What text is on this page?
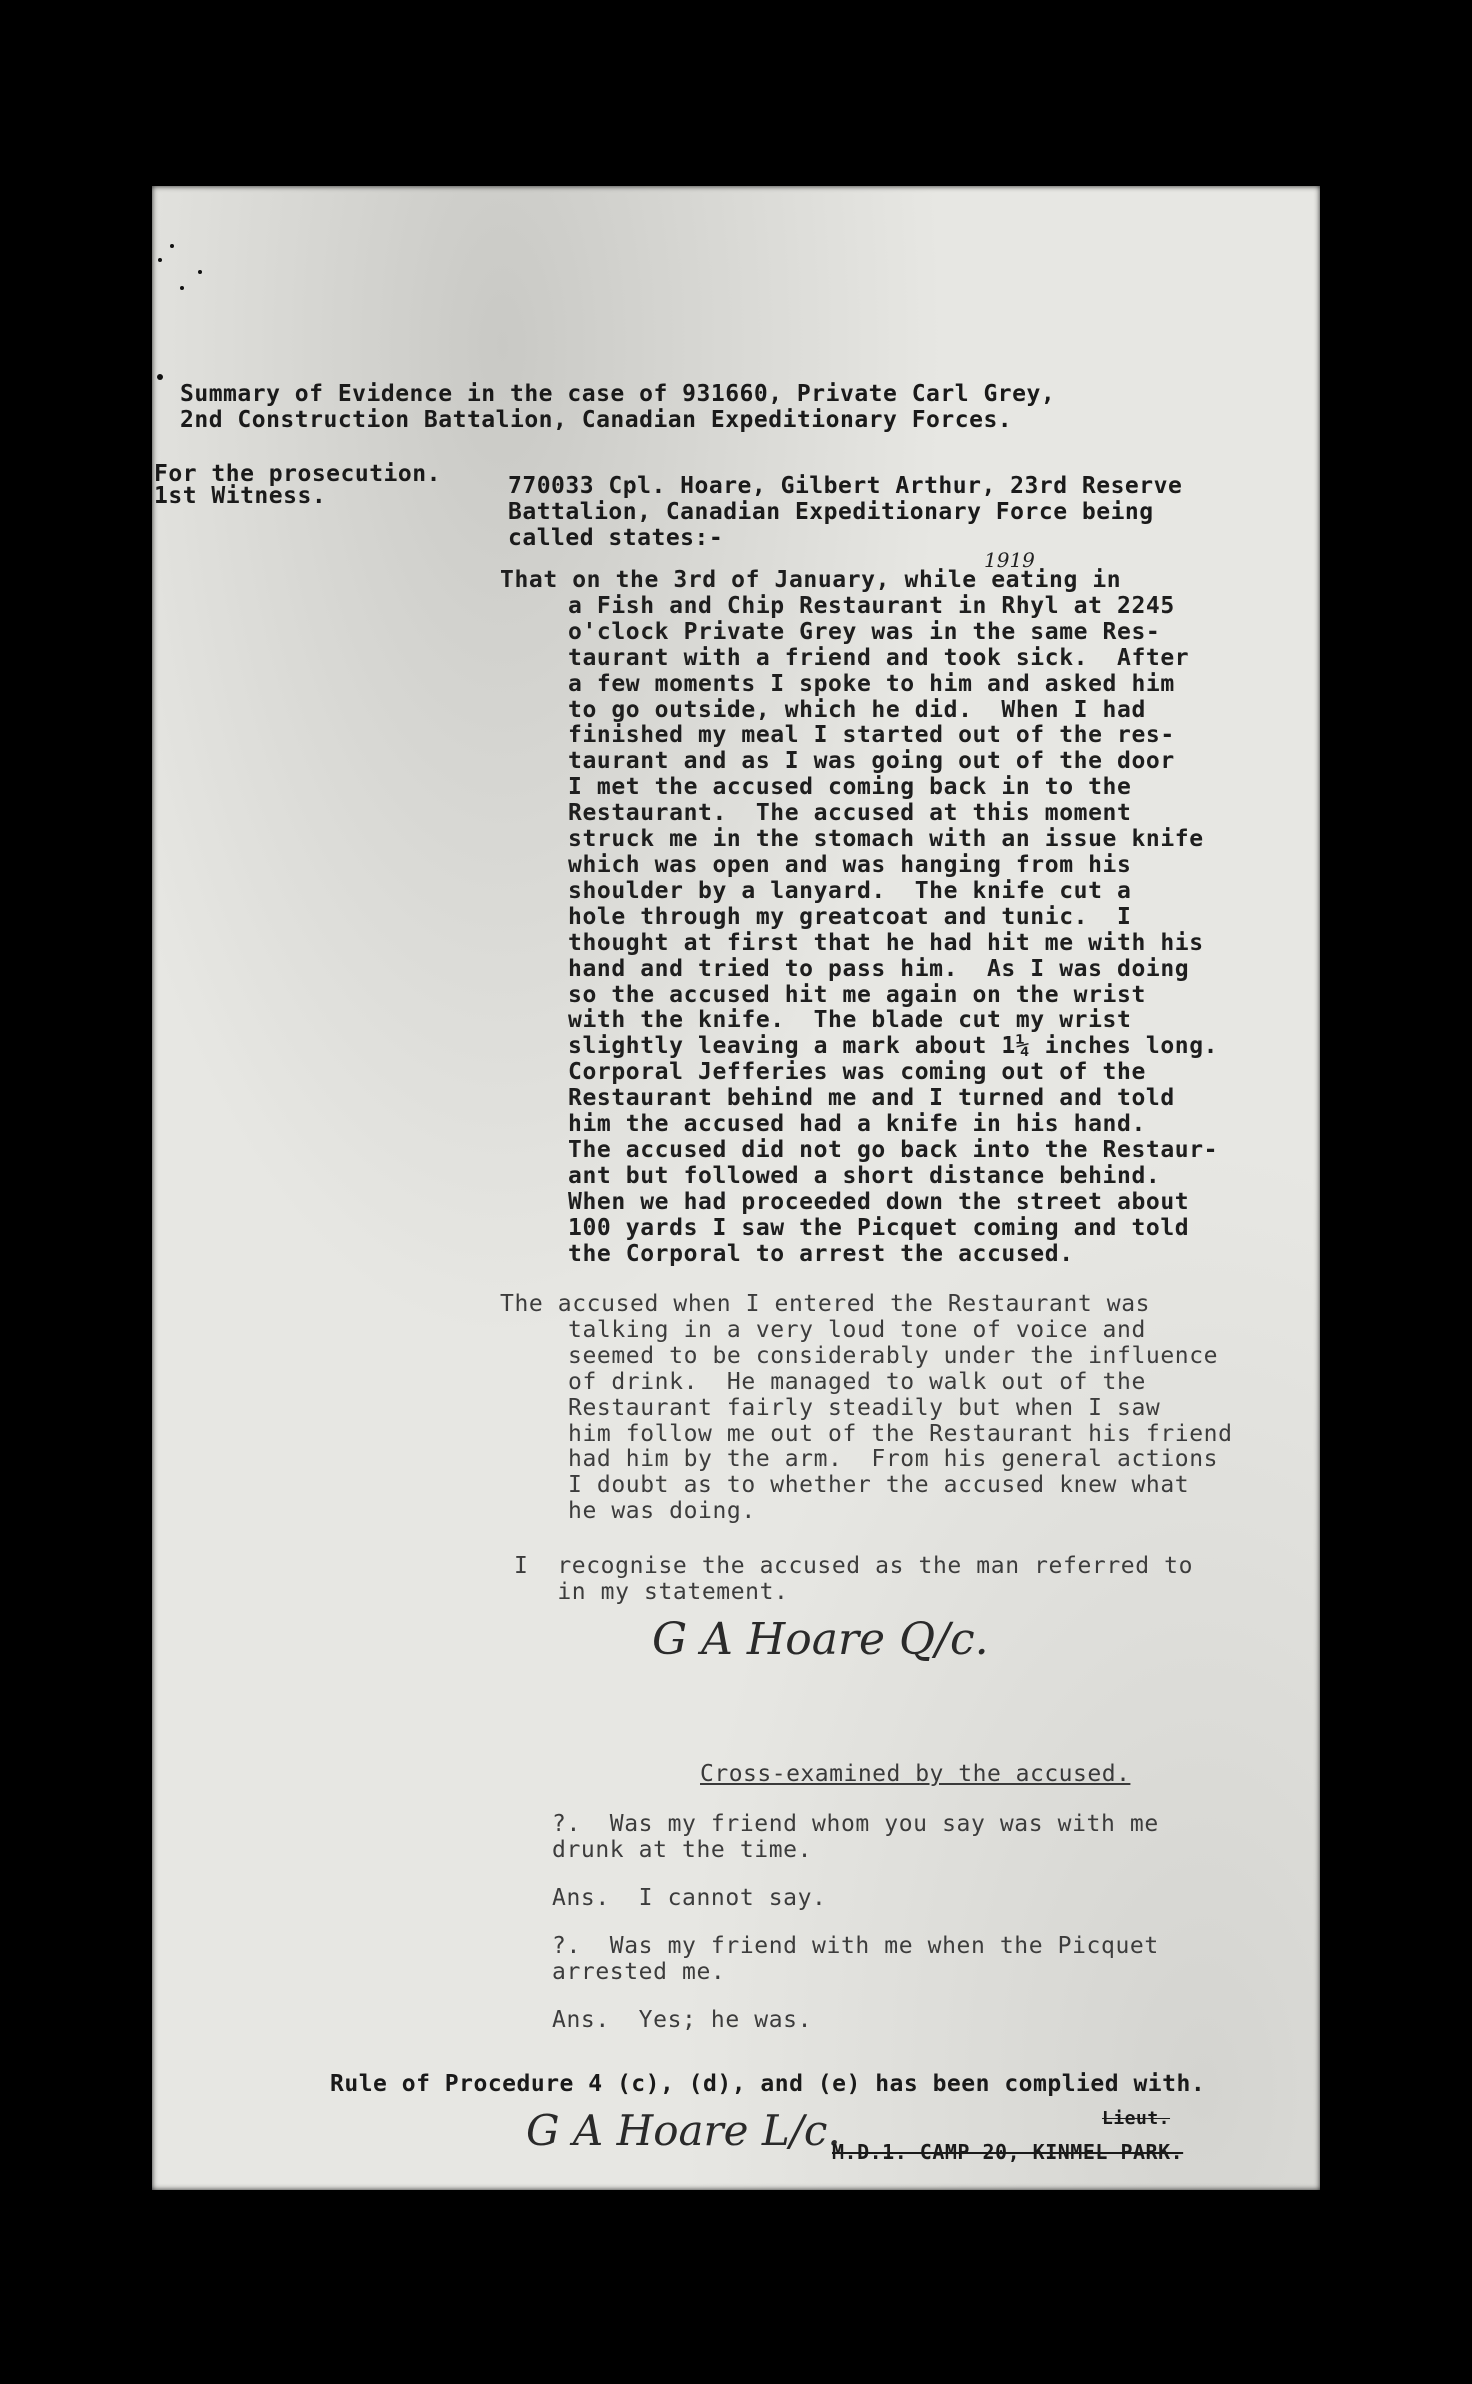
Summary of Evidence in the case of 931660, Private Carl Grey,
2nd Construction Battalion, Canadian Expeditionary Forces.
For the prosecution.
1st Witness.	770033 Cpl. Hoare, Gilbert Arthur, 23rd Reserve
Battalion, Canadian Expeditionary Force being
called states:-
1919
That on the 3rd of January, while eating in
a Fish and Chip Restaurant in Rhyl at 2245
o'clock Private Grey was in the same Res-
taurant with a friend and took sick.  After
a few moments I spoke to him and asked him
to go outside, which he did.  When I had
finished my meal I started out of the res-
taurant and as I was going out of the door
I met the accused coming back in to the
Restaurant.  The accused at this moment
struck me in the stomach with an issue knife
which was open and was hanging from his
shoulder by a lanyard.  The knife cut a
hole through my greatcoat and tunic.  I
thought at first that he had hit me with his
hand and tried to pass him.  As I was doing
so the accused hit me again on the wrist
with the knife.  The blade cut my wrist
slightly leaving a mark about 1¼ inches long.
Corporal Jefferies was coming out of the
Restaurant behind me and I turned and told
him the accused had a knife in his hand.
The accused did not go back into the Restaur-
ant but followed a short distance behind.
When we had proceeded down the street about
100 yards I saw the Picquet coming and told
the Corporal to arrest the accused.
The accused when I entered the Restaurant was
talking in a very loud tone of voice and
seemed to be considerably under the influence
of drink.  He managed to walk out of the
Restaurant fairly steadily but when I saw
him follow me out of the Restaurant his friend
had him by the arm.  From his general actions
I doubt as to whether the accused knew what
he was doing.
I  recognise the accused as the man referred to
in my statement.
G A Hoare Q/c.
Cross-examined by the accused.
?.  Was my friend whom you say was with me
drunk at the time.
Ans.  I cannot say.
?.  Was my friend with me when the Picquet
arrested me.
Ans.  Yes; he was.
Rule of Procedure 4 (c), (d), and (e) has been complied with.
G A Hoare L/c.	Lieut.
M.D.1. CAMP 20, KINMEL PARK.
